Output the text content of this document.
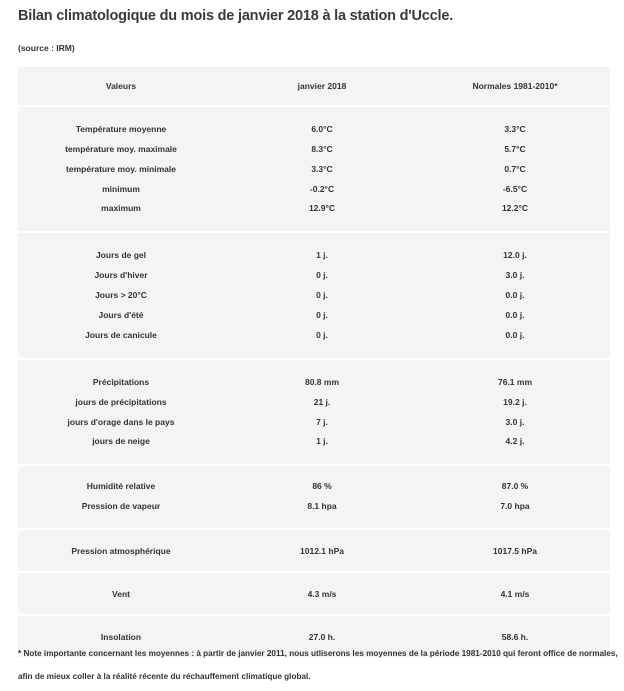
Bilan climatologique du mois de janvier 2018 à la station d'Uccle.
(source : IRM)
Valeurs	janvier 2018	Normales 1981-2010*
Température moyenne	6.0°C	3.3°C
température moy. maximale	8.3°C	5.7°C
température moy. minimale	3.3°C	0.7°C
minimum	-0.2°C	-6.5°C
maximum	12.9°C	12.2°C
Jours de gel	1 j.	12.0 j.
Jours d'hiver	0 j.	3.0 j.
Jours > 20°C	0 j.	0.0 j.
Jours d'été	0 j.	0.0 j.
Jours de canicule	0 j.	0.0 j.
Précipitations	80.8 mm	76.1 mm
jours de précipitations	21 j.	19.2 j.
jours d'orage dans le pays	7 j.	3.0 j.
jours de neige	1 j.	4.2 j.
Humidité relative	86 %	87.0 %
Pression de vapeur	8.1 hpa	7.0 hpa
Pression atmosphérique	1012.1 hPa	1017.5 hPa
Vent	4.3 m/s	4.1 m/s
Insolation	27.0 h.	58.6 h.
* Note importante concernant les moyennes : à partir de janvier 2011, nous utliserons les moyennes de la période 1981-2010 qui feront office de normales, afin de mieux coller à la réalité récente du réchauffement climatique global.
